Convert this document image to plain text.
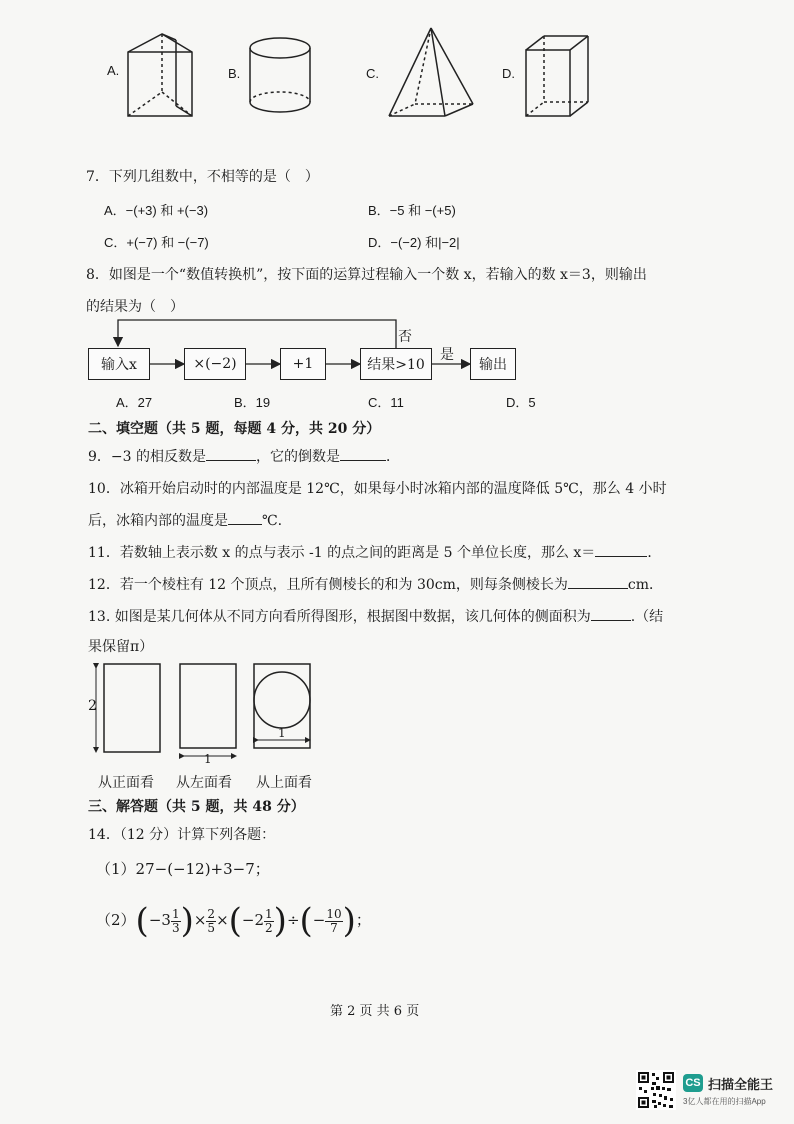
A.	B.	C.	D.
7．下列几组数中，不相等的是（　）
A．−(+3) 和 +(−3)	B．−5 和 −(+5)
C．+(−7) 和 −(−7)	D．−(−2) 和|−2|
8．如图是一个“数值转换机”，按下面的运算过程输入一个数 x，若输入的数 x＝3，则输出
的结果为（　）
输入x	×(−2)	+1	结果>10	输出
是
否
A．27	B．19	C．11	D．5
二、填空题（共 5 题，每题 4 分，共 20 分）
9．−3 的相反数是	，它的倒数是	．
10．冰箱开始启动时的内部温度是 12℃，如果每小时冰箱内部的温度降低 5℃，那么 4 小时
后，冰箱内部的温度是 ℃.
11．若数轴上表示数 x 的点与表示 -1 的点之间的距离是 5 个单位长度，那么 x＝	．
12．若一个棱柱有 12 个顶点，且所有侧棱长的和为 30cm，则每条侧棱长为	cm．
13. 如图是某几何体从不同方向看所得图形，根据图中数据，该几何体的侧面积为	.（结
果保留π）
2
1
1
从正面看 从左面看 从上面看
三、解答题（共 5 题，共 48 分）
14．（12 分）计算下列各题：
（1）27−(−12)+3−7；
$(2)(-3 \frac{1}{3}$ )× $\frac{2}{5} \times(-2 \frac{1}{2}$ )÷(− $\frac{10}{7}$ )；
第 2 页 共 6 页
CS 扫描全能王
3亿人都在用的扫描App
